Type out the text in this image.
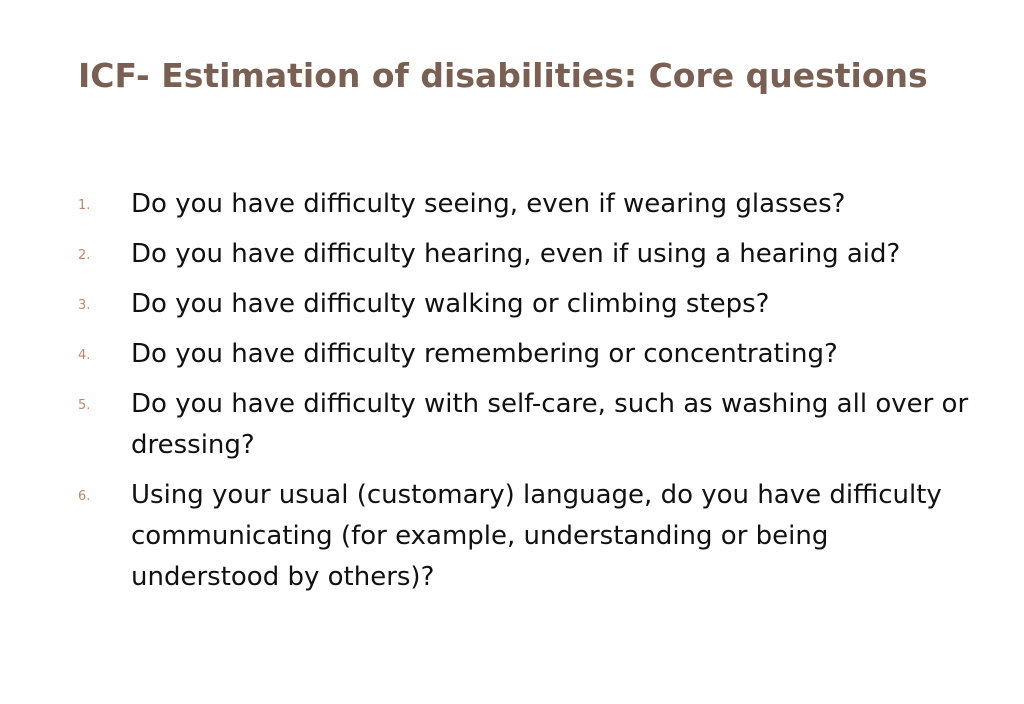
ICF- Estimation of disabilities: Core questions
1. Do you have difficulty seeing, even if wearing glasses?
2. Do you have difficulty hearing, even if using a hearing aid?
3. Do you have difficulty walking or climbing steps?
4. Do you have difficulty remembering or concentrating?
5. Do you have difficulty with self-care, such as washing all over or dressing?
6. Using your usual (customary) language, do you have difficulty communicating (for example, understanding or being understood by others)?
